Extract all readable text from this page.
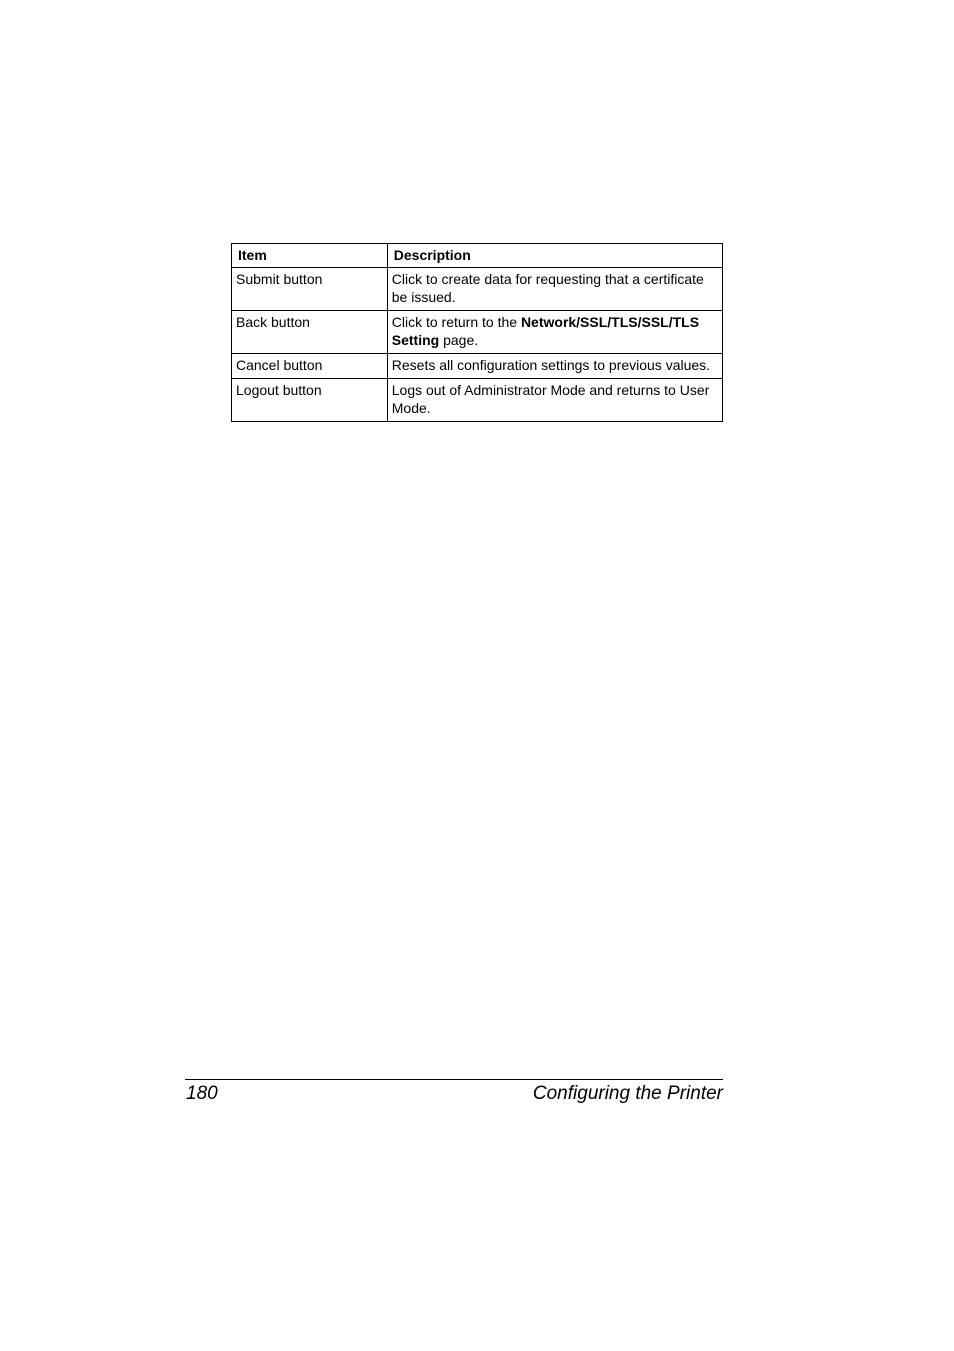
Item	Description
Submit button	Click to create data for requesting that a certificate be issued.
Back button	Click to return to the Network/SSL/TLS/SSL/TLS Setting page.
Cancel button	Resets all configuration settings to previous values.
Logout button	Logs out of Administrator Mode and returns to User Mode.
180	Configuring the Printer
